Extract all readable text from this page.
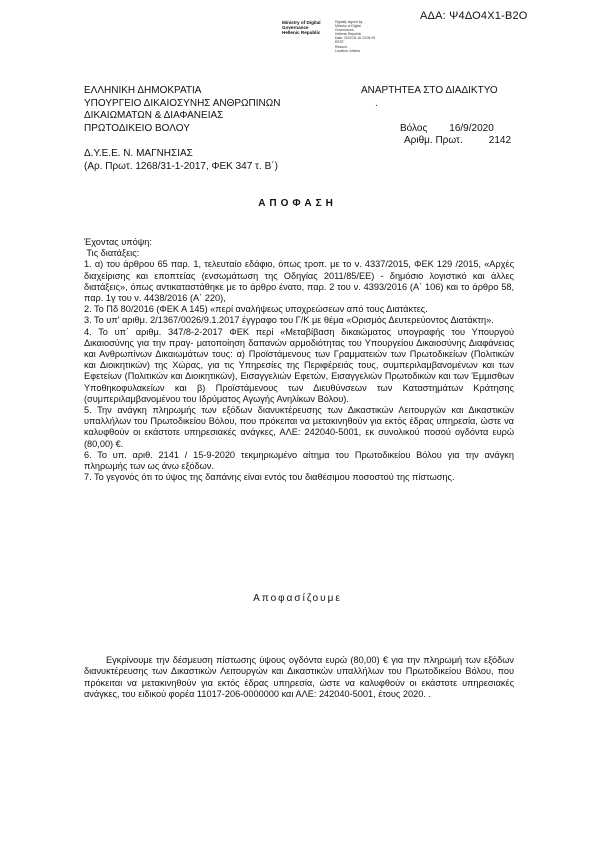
ΑΔΑ: Ψ4ΔΟ4Χ1-Β2Ο
Ministry of Digital
Governance
Hellenic Republic
Digitally signed by
Ministry of Digital
Governance,
Hellenic Republic
Date: 2020.09.16 13:05:19
EEST
Reason:
Location: Athens
ΕΛΛΗΝΙΚΗ ΔΗΜΟΚΡΑΤΙΑ
ΥΠΟΥΡΓΕΙΟ ΔΙΚΑΙΟΣΥΝΗΣ ΑΝΘΡΩΠΙΝΩΝ
ΔΙΚΑΙΩΜΑΤΩΝ & ΔΙΑΦΑΝΕΙΑΣ
ΠΡΩΤΟΔΙΚΕΙΟ ΒΟΛΟΥ
ΑΝΑΡΤΗΤΕΑ ΣΤΟ ΔΙΑΔΙΚΤΥΟ
.
Βόλος 16/9/2020
Αριθμ. Πρωτ.	2142
Δ.Υ.Ε.Ε. Ν. ΜΑΓΝΗΣΙΑΣ
(Αρ. Πρωτ. 1268/31-1-2017, ΦΕΚ 347 τ. Β΄)
ΑΠΟΦΑΣΗ

Έχοντας υπόψη:

Τις διατάξεις:

1. α) του άρθρου 65 παρ. 1, τελευταίο εδάφιο, όπως τροπ. με το ν. 4337/2015, ΦΕΚ 129 /2015, «Αρχές διαχείρισης και εποπτείας (ενσωμάτωση της Οδηγίας 2011/85/ΕΕ) - δημόσιο λογιστικό και άλλες διατάξεις», όπως αντικαταστάθηκε με το άρθρο ένατο, παρ. 2 του ν. 4393/2016 (Α΄ 106) και το άρθρο 58, παρ. 1γ του ν. 4438/2016 (Α΄ 220),

2. Το Πδ 80/2016 (ΦΕΚ Α 145) «περί αναλήψεως υποχρεώσεων από τους Διατάκτες.

3. Το υπ' αριθμ. 2/1367/0026/9.1.2017 έγγραφο του Γ/Κ με θέμα «Ορισμός Δευτερεύοντος Διατάκτη».

4. Το υπ΄ αριθμ. 347/8-2-2017 ΦΕΚ περί «Μεταβίβαση δικαιώματος υπογραφής του Υπουργού Δικαιοσύνης για την πραγ- ματοποίηση δαπανών αρμοδιότητας του Υπουργείου Δικαιοσύνης Διαφάνειας και Ανθρωπίνων Δικαιωμάτων τους: α) Προϊστάμενους των Γραμματειών των Πρωτοδικείων (Πολιτικών και Διοικητικών) της Χώρας, για τις Υπηρεσίες της Περιφέρειάς τους, συμπεριλαμβανομένων και των Εφετείων (Πολιτικών και Διοικητικών), Εισαγγελιών Εφετών, Εισαγγελιών Πρωτοδικών και των Έμμισθων Υποθηκοφυλακείων και β) Προϊστάμενους των Διευθύνσεων των Καταστημάτων Κράτησης (συμπεριλαμβανομένου του Ιδρύματος Αγωγής Ανηλίκων Βόλου).

5. Την ανάγκη πληρωμής των εξόδων διανυκτέρευσης των Δικαστικών Λειτουργών και Δικαστικών υπαλλήλων του Πρωτοδικείου Βόλου, που πρόκειται να μετακινηθούν για εκτός έδρας υπηρεσία, ώστε να καλυφθούν οι εκάστοτε υπηρεσιακές ανάγκες, ΑΛΕ: 242040-5001, εκ συνολικού ποσού ογδόντα ευρώ (80,00) €.

6. Το υπ. αριθ. 2141 / 15-9-2020 τεκμηριωμένο αίτημα του Πρωτοδικείου Βόλου για την ανάγκη πληρωμής των ως άνω εξόδων.

7. Το γεγονός ότι το ύψος της δαπάνης είναι εντός του διαθέσιμου ποσοστού της πίστωσης.

Αποφασίζουμε

Εγκρίνουμε την δέσμευση πίστωσης ύψους ογδόντα ευρώ (80,00) € για την πληρωμή των εξόδων διανυκτέρευσης των Δικαστικών Λειτουργών και Δικαστικών υπαλλήλων του Πρωτοδικείου Βόλου, που πρόκειται να μετακινηθούν για εκτός έδρας υπηρεσία, ώστε να καλυφθούν οι εκάστοτε υπηρεσιακές ανάγκες, του ειδικού φορέα 11017-206-0000000 και ΑΛΕ: 242040-5001, έτους 2020. .
